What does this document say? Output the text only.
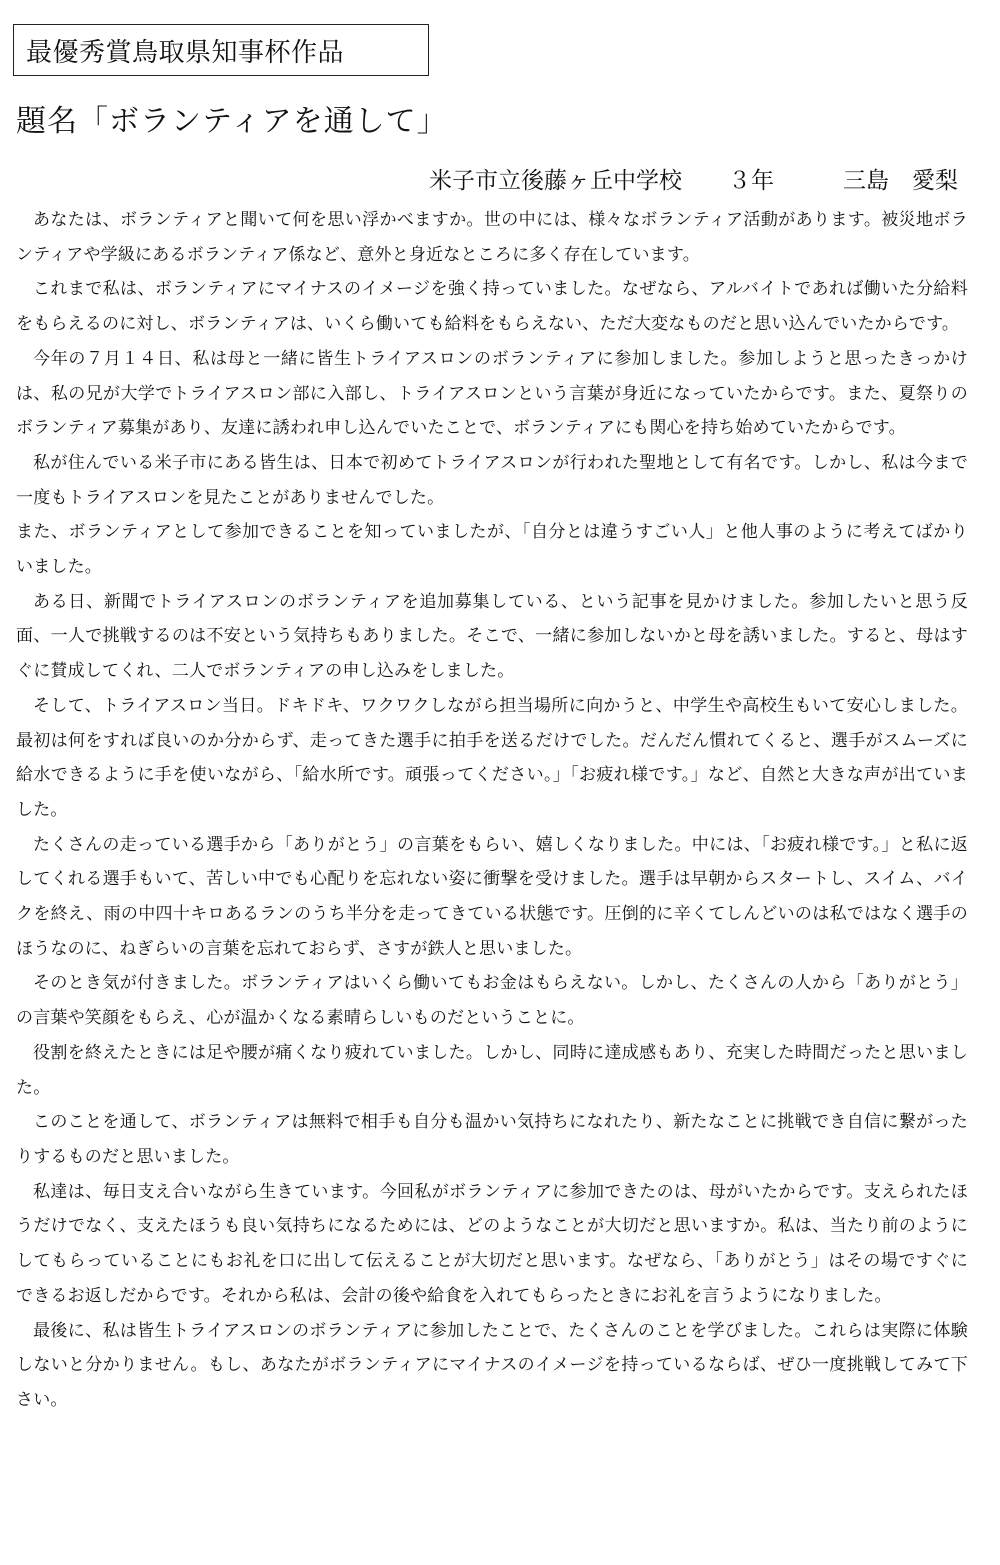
最優秀賞鳥取県知事杯作品
題名「ボランティアを通して」
米子市立後藤ヶ丘中学校
　　 ３年
　　　	三島　愛梨

あなたは、ボランティアと聞いて何を思い浮かべますか。世の中には、様々なボランティア活動があります。被災地ボランティアや学級にあるボランティア係など、意外と身近なところに多く存在しています。

これまで私は、ボランティアにマイナスのイメージを強く持っていました。なぜなら、アルバイトであれば働いた分給料をもらえるのに対し、ボランティアは、いくら働いても給料をもらえない、ただ大変なものだと思い込んでいたからです。

今年の７月１４日、私は母と一緒に皆生トライアスロンのボランティアに参加しました。参加しようと思ったきっかけは、私の兄が大学でトライアスロン部に入部し、トライアスロンという言葉が身近になっていたからです。また、夏祭りのボランティア募集があり、友達に誘われ申し込んでいたことで、ボランティアにも関心を持ち始めていたからです。

私が住んでいる米子市にある皆生は、日本で初めてトライアスロンが行われた聖地として有名です。しかし、私は今まで一度もトライアスロンを見たことがありませんでした。

また、ボランティアとして参加できることを知っていましたが、「自分とは違うすごい人」と他人事のように考えてばかりいました。

ある日、新聞でトライアスロンのボランティアを追加募集している、という記事を見かけました。参加したいと思う反面、一人で挑戦するのは不安という気持ちもありました。そこで、一緒に参加しないかと母を誘いました。すると、母はすぐに賛成してくれ、二人でボランティアの申し込みをしました。

そして、トライアスロン当日。ドキドキ、ワクワクしながら担当場所に向かうと、中学生や高校生もいて安心しました。最初は何をすれば良いのか分からず、走ってきた選手に拍手を送るだけでした。だんだん慣れてくると、選手がスムーズに給水できるように手を使いながら、「給水所です。頑張ってください。」「お疲れ様です。」など、自然と大きな声が出ていました。

たくさんの走っている選手から「ありがとう」の言葉をもらい、嬉しくなりました。中には、「お疲れ様です。」と私に返してくれる選手もいて、苦しい中でも心配りを忘れない姿に衝撃を受けました。選手は早朝からスタートし、スイム、バイクを終え、雨の中四十キロあるランのうち半分を走ってきている状態です。圧倒的に辛くてしんどいのは私ではなく選手のほうなのに、ねぎらいの言葉を忘れておらず、さすが鉄人と思いました。

そのとき気が付きました。ボランティアはいくら働いてもお金はもらえない。しかし、たくさんの人から「ありがとう」の言葉や笑顔をもらえ、心が温かくなる素晴らしいものだということに。

役割を終えたときには足や腰が痛くなり疲れていました。しかし、同時に達成感もあり、充実した時間だったと思いました。

このことを通して、ボランティアは無料で相手も自分も温かい気持ちになれたり、新たなことに挑戦でき自信に繋がったりするものだと思いました。

私達は、毎日支え合いながら生きています。今回私がボランティアに参加できたのは、母がいたからです。支えられたほうだけでなく、支えたほうも良い気持ちになるためには、どのようなことが大切だと思いますか。私は、当たり前のようにしてもらっていることにもお礼を口に出して伝えることが大切だと思います。なぜなら、「ありがとう」はその場ですぐにできるお返しだからです。それから私は、会計の後や給食を入れてもらったときにお礼を言うようになりました。

最後に、私は皆生トライアスロンのボランティアに参加したことで、たくさんのことを学びました。これらは実際に体験しないと分かりません。もし、あなたがボランティアにマイナスのイメージを持っているならば、ぜひ一度挑戦してみて下さい。
